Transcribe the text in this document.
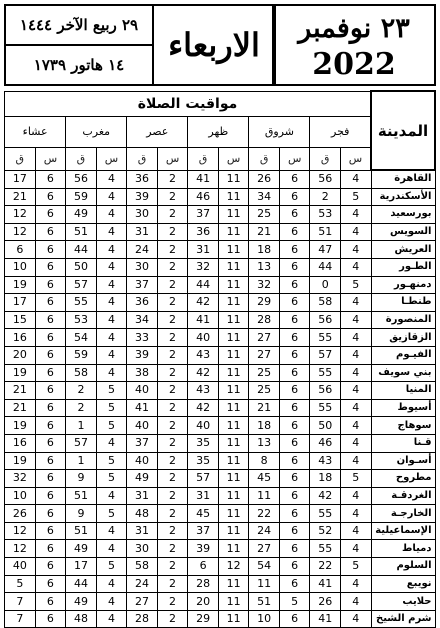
٢٣ نوفمبر
2022
الاربعاء
٢٩ ربيع الآخر ١٤٤٤
١٤ هاتور ١٧٣٩
المدينة	مواقيت الصلاة											
	فجر		شروق		ظهر		عصر		مغرب		عشاء	
	س	ق	س	ق	س	ق	س	ق	س	ق	س	ق
القاهرة	4	56	6	26	11	41	2	36	4	56	6	17
الأسكندرية	5	2	6	34	11	46	2	39	4	59	6	21
بورسعيد	4	53	6	25	11	37	2	30	4	49	6	12
السويس	4	51	6	21	11	36	2	31	4	51	6	12
العريش	4	47	6	18	11	31	2	24	4	44	6	6
الطـور	4	44	6	13	11	32	2	30	4	50	6	10
دمنهـور	5	0	6	32	11	44	2	37	4	57	6	19
طنطـا	4	58	6	29	11	42	2	36	4	55	6	17
المنصورة	4	56	6	28	11	41	2	34	4	53	6	15
الزقازيق	4	55	6	27	11	40	2	33	4	54	6	16
الفيـوم	4	57	6	27	11	43	2	39	4	59	6	20
بني سويف	4	55	6	25	11	42	2	38	4	58	6	19
المنيا	4	56	6	25	11	43	2	40	5	2	6	21
أسيوط	4	55	6	21	11	42	2	41	5	2	6	21
سوهاج	4	50	6	18	11	40	2	40	5	1	6	19
قـنا	4	46	6	13	11	35	2	37	4	57	6	16
أسـوان	4	43	6	8	11	35	2	40	5	1	6	19
مطروح	5	18	6	45	11	57	2	49	5	9	6	32
الغردقـة	4	42	6	11	11	31	2	31	4	51	6	10
الخارجـة	4	55	6	22	11	45	2	48	5	9	6	26
الإسماعيلية	4	52	6	24	11	37	2	31	4	51	6	12
دمياط	4	55	6	27	11	39	2	30	4	49	6	12
السلوم	5	22	6	54	12	6	2	58	5	17	6	40
نويبع	4	41	6	11	11	28	2	24	4	44	6	5
حلايب	4	26	5	51	11	20	2	27	4	49	6	7
شرم الشيخ	4	41	6	10	11	29	2	28	4	48	6	7
